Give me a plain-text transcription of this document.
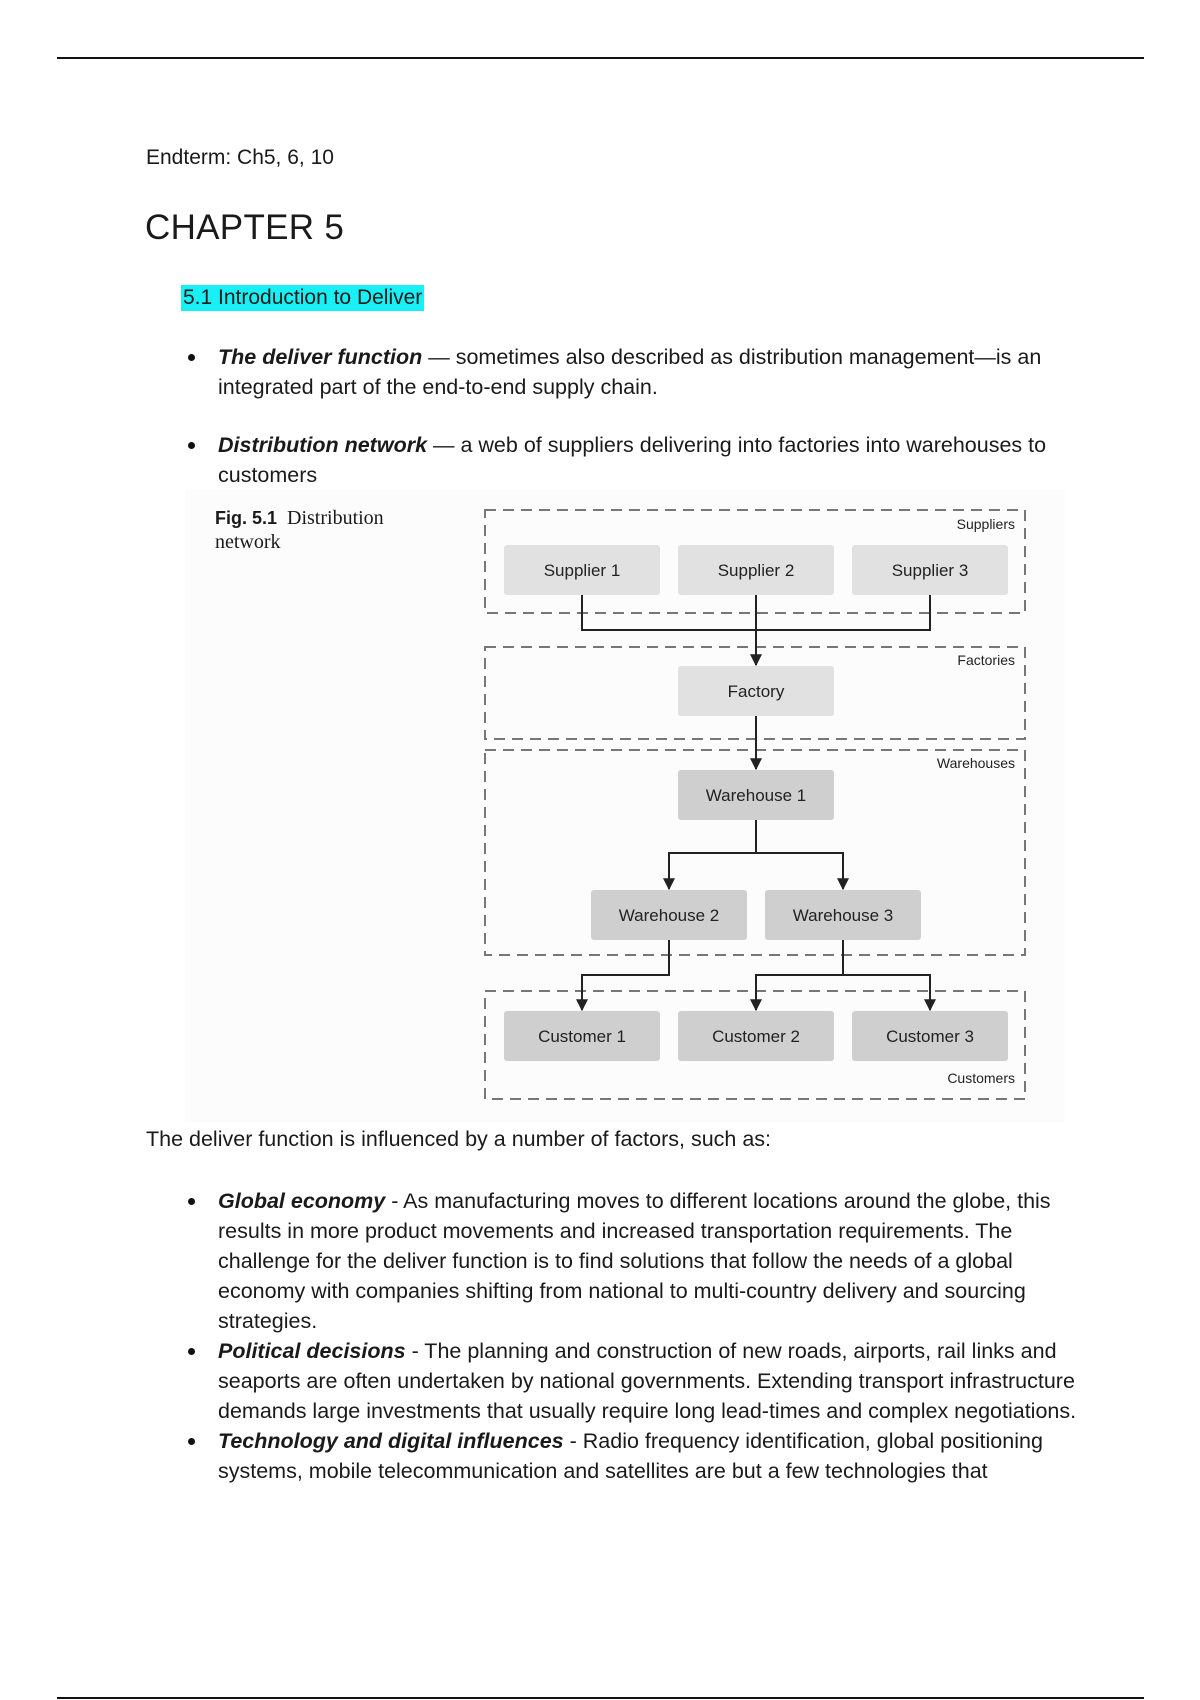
Endterm: Ch5, 6, 10
CHAPTER 5
5.1 Introduction to Deliver
The deliver function — sometimes also described as distribution management—is an integrated part of the end-to-end supply chain.
Distribution network — a web of suppliers delivering into factories into warehouses to customers
Fig. 5.1 Distribution network
Suppliers
Factories
Warehouses
Customers
Supplier 1	Supplier 2	Supplier 3
Factory
Warehouse 1
Warehouse 2	Warehouse 3
Customer 1	Customer 2	Customer 3
The deliver function is influenced by a number of factors, such as:
Global economy - As manufacturing moves to different locations around the globe, this results in more product movements and increased transportation requirements. The challenge for the deliver function is to find solutions that follow the needs of a global economy with companies shifting from national to multi-country delivery and sourcing strategies.
Political decisions - The planning and construction of new roads, airports, rail links and seaports are often undertaken by national governments. Extending transport infrastructure demands large investments that usually require long lead-times and complex negotiations.
Technology and digital influences - Radio frequency identification, global positioning systems, mobile telecommunication and satellites are but a few technologies that
